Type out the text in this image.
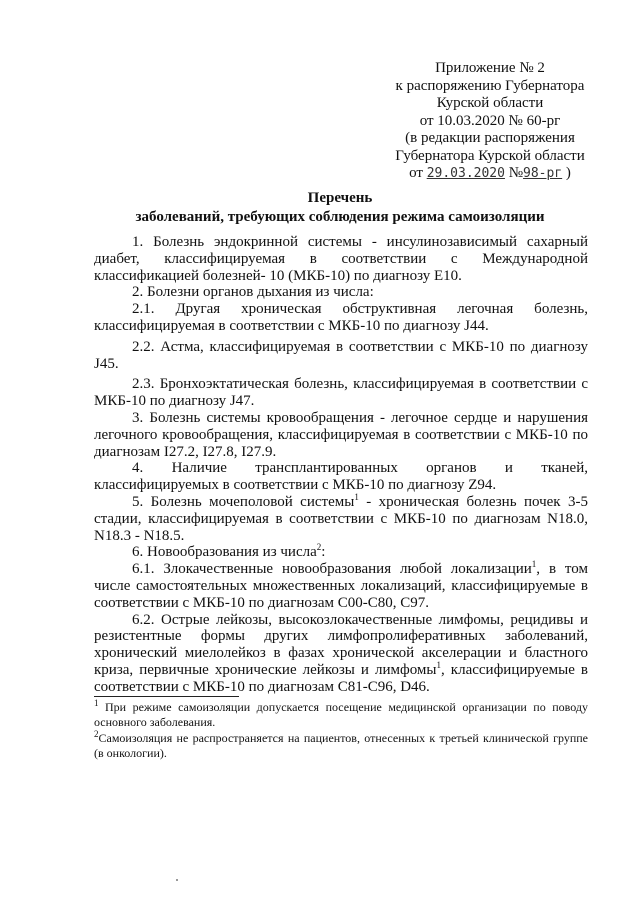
Приложение № 2
к распоряжению Губернатора
Курской области
от 10.03.2020 № 60-рг
(в редакции распоряжения
Губернатора Курской области
от 29.03.2020 №98-рг )
Перечень
заболеваний, требующих соблюдения режима самоизоляции

1. Болезнь эндокринной системы - инсулинозависимый сахарный диабет, классифицируемая в соответствии с Международной классификацией болезней- 10 (МКБ-10) по диагнозу Е10.

2. Болезни органов дыхания из числа:

2.1. Другая хроническая обструктивная легочная болезнь, классифицируемая в соответствии с МКБ-10 по диагнозу J44.

2.2. Астма, классифицируемая в соответствии с МКБ-10 по диагнозу J45.

2.3. Бронхоэктатическая болезнь, классифицируемая в соответствии с МКБ-10 по диагнозу J47.

3. Болезнь системы кровообращения - легочное сердце и нарушения легочного кровообращения, классифицируемая в соответствии с МКБ-10 по диагнозам I27.2, I27.8, I27.9.

4. Наличие трансплантированных органов и тканей, классифицируемых в соответствии с МКБ-10 по диагнозу Z94.

5. Болезнь мочеполовой системы$^1$ - хроническая болезнь почек 3-5 стадии, классифицируемая в соответствии с МКБ-10 по диагнозам N18.0, N18.3 - N18.5.

6. Новообразования из числа$^2$:

6.1. Злокачественные новообразования любой локализации$^1$, в том числе самостоятельных множественных локализаций, классифицируемые в соответствии с МКБ-10 по диагнозам С00-С80, С97.

6.2. Острые лейкозы, высокозлокачественные лимфомы, рецидивы и резистентные формы других лимфопролиферативных заболеваний, хронический миелолейкоз в фазах хронической акселерации и бластного криза, первичные хронические лейкозы и лимфомы$^1$, классифицируемые в соответствии с МКБ-10 по диагнозам С81-С96, D46.

$^1$ При режиме самоизоляции допускается посещение медицинской организации по поводу основного заболевания.

$^2$Самоизоляция не распространяется на пациентов, отнесенных к третьей клинической группе (в онкологии).
